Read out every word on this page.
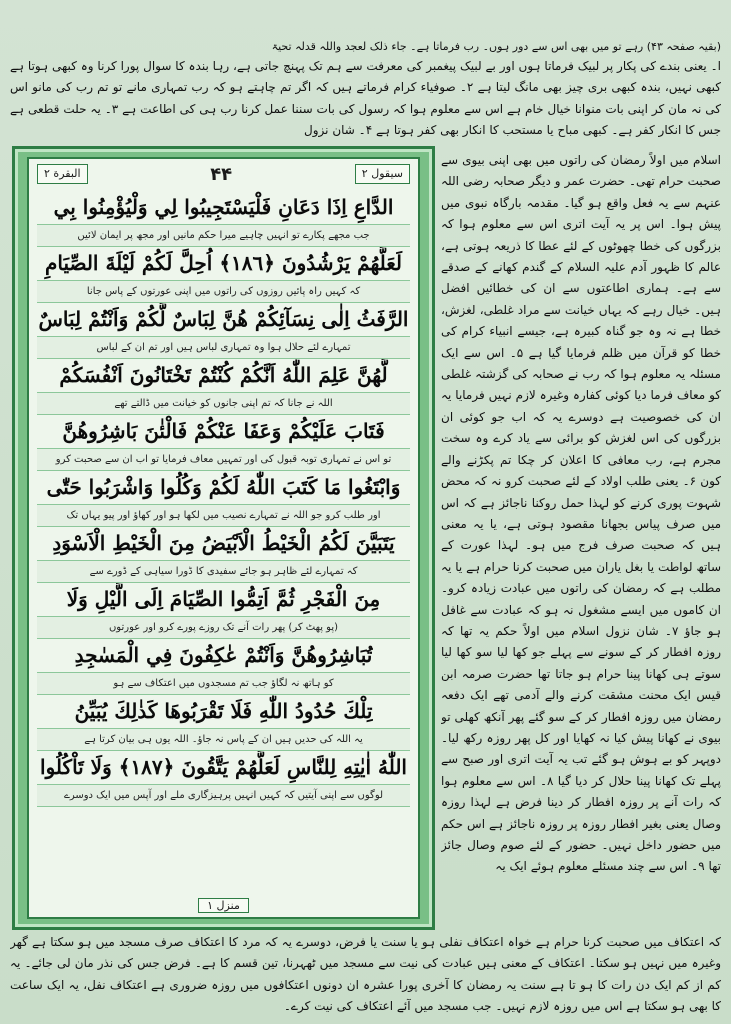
(بقیہ صفحہ ۴۳) رہے تو میں بھی اس سے دور ہوں۔ رب فرماتا ہے۔ جاء ذلک لعجد واللہ قدلہ تحیۃ
ا۔ یعنی بندے کی پکار پر لبیک فرماتا ہوں اور بے لبیک پیغمبر کی معرفت سے ہم تک پہنچ جاتی ہے، رہا بندہ کا سوال پورا کرنا وہ کبھی ہوتا ہے کبھی نہیں، بندہ کبھی بری چیز بھی مانگ لیتا ہے ۲۔ صوفیاء کرام فرماتے ہیں کہ اگر تم چاہتے ہو کہ رب تمہاری مانے تو تم رب کی مانو اس کی نہ مان کر اپنی بات منوانا خیال خام ہے اس سے معلوم ہوا کہ رسول کی بات سننا عمل کرنا رب ہی کی اطاعت ہے ۳۔ یہ حلت قطعی ہے جس کا انکار کفر ہے۔ کبھی مباح یا مستحب کا انکار بھی کفر ہوتا ہے ۴۔ شان نزول
سیقول ۲
۴۴
البقرة ۲
الدَّاعِ اِذَا دَعَانِ فَلْيَسْتَجِيبُوا لِي وَلْيُؤْمِنُوا بِي
جب مجھے پکارے تو انہیں چاہیے میرا حکم مانیں اور مجھ پر ایمان لائیں
لَعَلَّهُمْ يَرْشُدُونَ ﴿١٨٦﴾ اُحِلَّ لَكُمْ لَيْلَةَ الصِّيَامِ
کہ کہیں راہ پائیں روزوں کی راتوں میں اپنی عورتوں کے پاس جانا
الرَّفَثُ اِلٰى نِسَآئِكُمْ هُنَّ لِبَاسٌ لَّكُمْ وَاَنْتُمْ لِبَاسٌ
تمہارے لئے حلال ہوا وہ تمہاری لباس ہیں اور تم ان کے لباس
لَّهُنَّ عَلِمَ اللّٰهُ اَنَّكُمْ كُنْتُمْ تَخْتَانُونَ اَنْفُسَكُمْ
اللہ نے جانا کہ تم اپنی جانوں کو خیانت میں ڈالتے تھے
فَتَابَ عَلَيْكُمْ وَعَفَا عَنْكُمْ فَالْئٰنَ بَاشِرُوهُنَّ
تو اس نے تمہاری توبہ قبول کی اور تمہیں معاف فرمایا تو اب ان سے صحبت کرو
وَابْتَغُوا مَا كَتَبَ اللّٰهُ لَكُمْ وَكُلُوا وَاشْرَبُوا حَتّٰى
اور طلب کرو جو اللہ نے تمہارے نصیب میں لکھا ہو اور کھاؤ اور پیو یہاں تک
يَتَبَيَّنَ لَكُمُ الْخَيْطُ الْاَبْيَضُ مِنَ الْخَيْطِ الْاَسْوَدِ
کہ تمہارے لئے ظاہر ہو جائے سفیدی کا ڈورا سیاہی کے ڈورے سے
مِنَ الْفَجْرِ ثُمَّ اَتِمُّوا الصِّيَامَ اِلَى الَّيْلِ وَلَا
(پو پھٹ کر) پھر رات آنے تک روزے پورے کرو اور عورتوں
تُبَاشِرُوهُنَّ وَاَنْتُمْ عٰكِفُونَ فِي الْمَسٰجِدِ
کو ہاتھ نہ لگاؤ جب تم مسجدوں میں اعتکاف سے ہو
تِلْكَ حُدُودُ اللّٰهِ فَلَا تَقْرَبُوهَا كَذٰلِكَ يُبَيِّنُ
یہ اللہ کی حدیں ہیں ان کے پاس نہ جاؤ۔ اللہ یوں ہی بیان کرتا ہے
اللّٰهُ اٰيٰتِهِ لِلنَّاسِ لَعَلَّهُمْ يَتَّقُونَ ﴿١٨٧﴾ وَلَا تَاْكُلُوا
لوگوں سے اپنی آیتیں کہ کہیں انہیں پرہیزگاری ملے اور آپس میں ایک دوسرے
منزل ۱
اسلام میں اولاً رمضان کی راتوں میں بھی اپنی بیوی سے صحبت حرام تھی۔ حضرت عمر و دیگر صحابہ رضی اللہ عنہم سے یہ فعل واقع ہو گیا۔ مقدمہ بارگاہ نبوی میں پیش ہوا۔ اس پر یہ آیت اتری اس سے معلوم ہوا کہ بزرگوں کی خطا چھوٹوں کے لئے عطا کا ذریعہ ہوتی ہے، عالم کا ظہور آدم علیہ السلام کے گندم کھانے کے صدقے سے ہے۔ ہماری اطاعتوں سے ان کی خطائیں افضل ہیں۔ خیال رہے کہ یہاں خیانت سے مراد غلطی، لغزش، خطا ہے نہ وہ جو گناہ کبیرہ ہے، جیسے انبیاء کرام کی خطا کو قرآن میں ظلم فرمایا گیا ہے ۵۔ اس سے ایک مسئلہ یہ معلوم ہوا کہ رب نے صحابہ کی گزشتہ غلطی کو معاف فرما دیا کوئی کفارہ وغیرہ لازم نہیں فرمایا یہ ان کی خصوصیت ہے دوسرے یہ کہ اب جو کوئی ان بزرگوں کی اس لغزش کو برائی سے یاد کرے وہ سخت مجرم ہے، رب معافی کا اعلان کر چکا تم پکڑنے والے کون ۶۔ یعنی طلب اولاد کے لئے صحبت کرو نہ کہ محض شہوت پوری کرنے کو لہذا حمل روکنا ناجائز ہے کہ اس میں صرف پیاس بجھانا مقصود ہوتی ہے، یا یہ معنی ہیں کہ صحبت صرف فرج میں ہو۔ لہذا عورت کے ساتھ لواطت یا بغل یاران میں صحبت کرنا حرام ہے یا یہ مطلب ہے کہ رمضان کی راتوں میں عبادت زیادہ کرو۔ ان کاموں میں ایسے مشغول نہ ہو کہ عبادت سے غافل ہو جاؤ ۷۔ شان نزول اسلام میں اولاً حکم یہ تھا کہ روزہ افطار کر کے سونے سے پہلے جو کھا لیا سو کھا لیا سوتے ہی کھانا پینا حرام ہو جاتا تھا حضرت صرمہ ابن قیس ایک محنت مشقت کرنے والے آدمی تھے ایک دفعہ رمضان میں روزہ افطار کر کے سو گئے پھر آنکھ کھلی تو بیوی نے کھانا پیش کیا نہ کھایا اور کل پھر روزہ رکھ لیا۔ دوپہر کو بے ہوش ہو گئے تب یہ آیت اتری اور صبح سے پہلے تک کھانا پینا حلال کر دیا گیا ۸۔ اس سے معلوم ہوا کہ رات آنے پر روزہ افطار کر دینا فرض ہے لہذا روزہ وصال یعنی بغیر افطار روزہ پر روزہ ناجائز ہے اس حکم میں حضور داخل نہیں۔ حضور کے لئے صوم وصال جائز تھا ۹۔ اس سے چند مسئلے معلوم ہوئے ایک یہ
کہ اعتکاف میں صحبت کرنا حرام ہے خواہ اعتکاف نفلی ہو یا سنت یا فرض، دوسرے یہ کہ مرد کا اعتکاف صرف مسجد میں ہو سکتا ہے گھر وغیرہ میں نہیں ہو سکتا۔ اعتکاف کے معنی ہیں عبادت کی نیت سے مسجد میں ٹھہرنا، تین قسم کا ہے۔ فرض جس کی نذر مان لی جائے۔ یہ کم از کم ایک دن رات کا ہو تا ہے سنت یہ رمضان کا آخری پورا عشرہ ان دونوں اعتکافوں میں روزہ ضروری ہے اعتکاف نفل، یہ ایک ساعت کا بھی ہو سکتا ہے اس میں روزہ لازم نہیں۔ جب مسجد میں آئے اعتکاف کی نیت کرے۔
